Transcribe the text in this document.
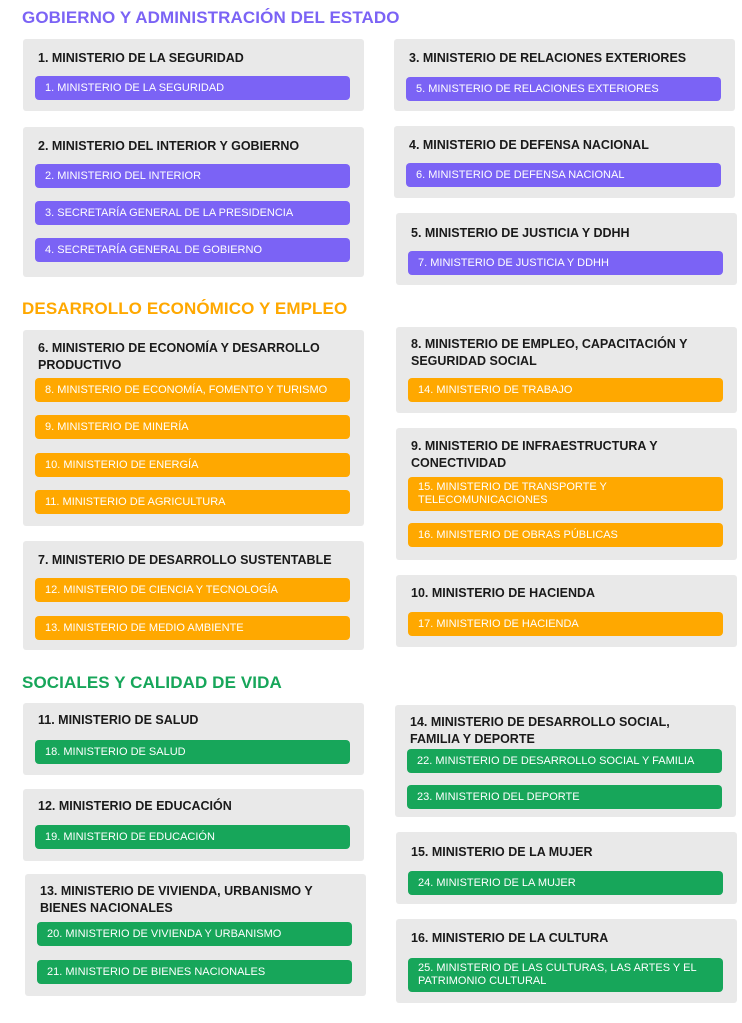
GOBIERNO Y ADMINISTRACIÓN DEL ESTADO

1. MINISTERIO DE LA SEGURIDAD

1. MINISTERIO DE LA SEGURIDAD

2. MINISTERIO DEL INTERIOR Y GOBIERNO

2. MINISTERIO DEL INTERIOR
3. SECRETARÍA GENERAL DE LA PRESIDENCIA
4. SECRETARÍA GENERAL DE GOBIERNO

3. MINISTERIO DE RELACIONES EXTERIORES

5. MINISTERIO DE RELACIONES EXTERIORES

4. MINISTERIO DE DEFENSA NACIONAL

6. MINISTERIO DE DEFENSA NACIONAL

5. MINISTERIO DE JUSTICIA Y DDHH

7. MINISTERIO DE JUSTICIA Y DDHH
DESARROLLO ECONÓMICO Y EMPLEO

6. MINISTERIO DE ECONOMÍA Y DESARROLLO PRODUCTIVO

8. MINISTERIO DE ECONOMÍA, FOMENTO Y TURISMO
9. MINISTERIO DE MINERÍA
10. MINISTERIO DE ENERGÍA
11. MINISTERIO DE AGRICULTURA

7. MINISTERIO DE DESARROLLO SUSTENTABLE

12. MINISTERIO DE CIENCIA Y TECNOLOGÍA
13. MINISTERIO DE MEDIO AMBIENTE

8. MINISTERIO DE EMPLEO, CAPACITACIÓN Y SEGURIDAD SOCIAL

14. MINISTERIO DE TRABAJO

9. MINISTERIO DE INFRAESTRUCTURA Y CONECTIVIDAD

15. MINISTERIO DE TRANSPORTE Y TELECOMUNICACIONES
16. MINISTERIO DE OBRAS PÚBLICAS

10. MINISTERIO DE HACIENDA

17. MINISTERIO DE HACIENDA
SOCIALES Y CALIDAD DE VIDA

11. MINISTERIO DE SALUD

18. MINISTERIO DE SALUD

12. MINISTERIO DE EDUCACIÓN

19. MINISTERIO DE EDUCACIÓN

13. MINISTERIO DE VIVIENDA, URBANISMO Y BIENES NACIONALES

20. MINISTERIO DE VIVIENDA Y URBANISMO
21. MINISTERIO DE BIENES NACIONALES

14. MINISTERIO DE DESARROLLO SOCIAL, FAMILIA Y DEPORTE

22. MINISTERIO DE DESARROLLO SOCIAL Y FAMILIA
23. MINISTERIO DEL DEPORTE

15. MINISTERIO DE LA MUJER

24. MINISTERIO DE LA MUJER

16. MINISTERIO DE LA CULTURA

25. MINISTERIO DE LAS CULTURAS, LAS ARTES Y EL PATRIMONIO CULTURAL
